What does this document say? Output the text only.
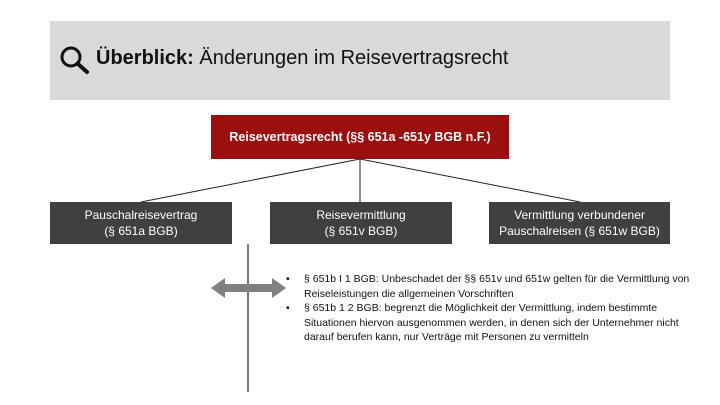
Überblick: Änderungen im Reisevertragsrecht
Reisevertragsrecht (§§ 651a -651y BGB n.F.)
Pauschalreisevertrag
(§ 651a BGB)
Reisevermittlung
(§ 651v BGB)
Vermittlung verbundener
Pauschalreisen (§ 651w BGB)
• § 651b I 1 BGB: Unbeschadet der §§ 651v und 651w gelten für die Vermittlung von Reiseleistungen die allgemeinen Vorschriften
• § 651b 1 2 BGB: begrenzt die Möglichkeit der Vermittlung, indem bestimmte Situationen hiervon ausgenommen werden, in denen sich der Unternehmer nicht darauf berufen kann, nur Verträge mit Personen zu vermitteln
